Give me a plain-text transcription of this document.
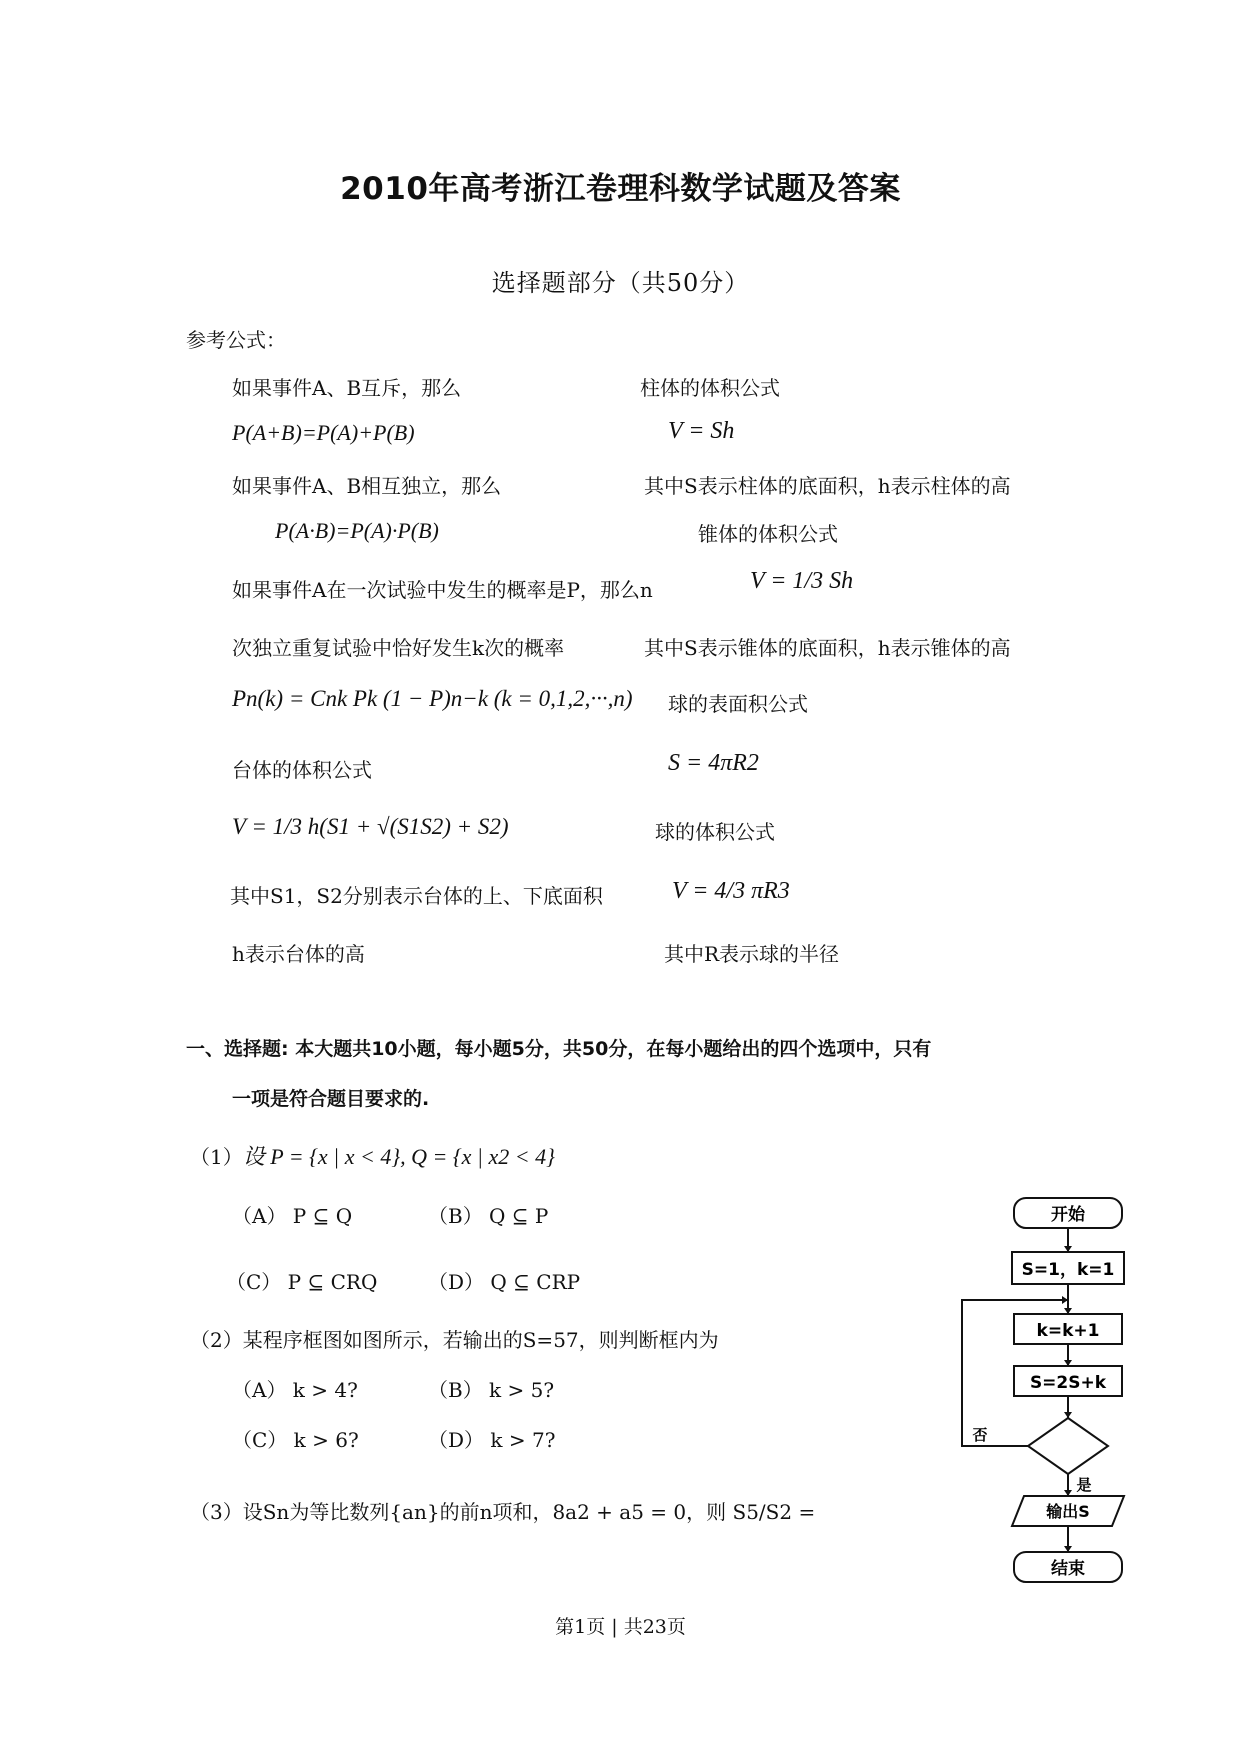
2010年高考浙江卷理科数学试题及答案
选择题部分（共50分）
参考公式：
如果事件A、B互斥，那么	柱体的体积公式
P(A+B)=P(A)+P(B)	V = Sh
如果事件A、B相互独立，那么	其中S表示柱体的底面积，h表示柱体的高
P(A·B)=P(A)·P(B)	锥体的体积公式
如果事件A在一次试验中发生的概率是P，那么n	V = 1/3 Sh
次独立重复试验中恰好发生k次的概率	其中S表示锥体的底面积，h表示锥体的高
Pn(k) = Cnk Pk (1 − P)n−k (k = 0,1,2,···,n) 球的表面积公式
台体的体积公式	S = 4πR2
V = 1/3 h(S1 + √(S1S2) + S2)	球的体积公式
其中S1，S2分别表示台体的上、下底面积	V = 4/3 πR3
h表示台体的高	其中R表示球的半径
一、选择题: 本大题共10小题，每小题5分，共50分，在每小题给出的四个选项中，只有
一项是符合题目要求的.
（1）设 P = {x | x < 4}, Q = {x | x2 < 4}
（A） P ⊆ Q	（B） Q ⊆ P
（C） P ⊆ CRQ	（D） Q ⊆ CRP
（2）某程序框图如图所示，若输出的S=57，则判断框内为
（A） k > 4?	（B） k > 5?
（C） k > 6?	（D） k > 7?
（3）设Sn为等比数列{an}的前n项和，8a2 + a5 = 0，则 S5/S2 =
开始
S=1，k=1
k=k+1
S=2S+k
否
是
输出S
结束
第1页 | 共23页
